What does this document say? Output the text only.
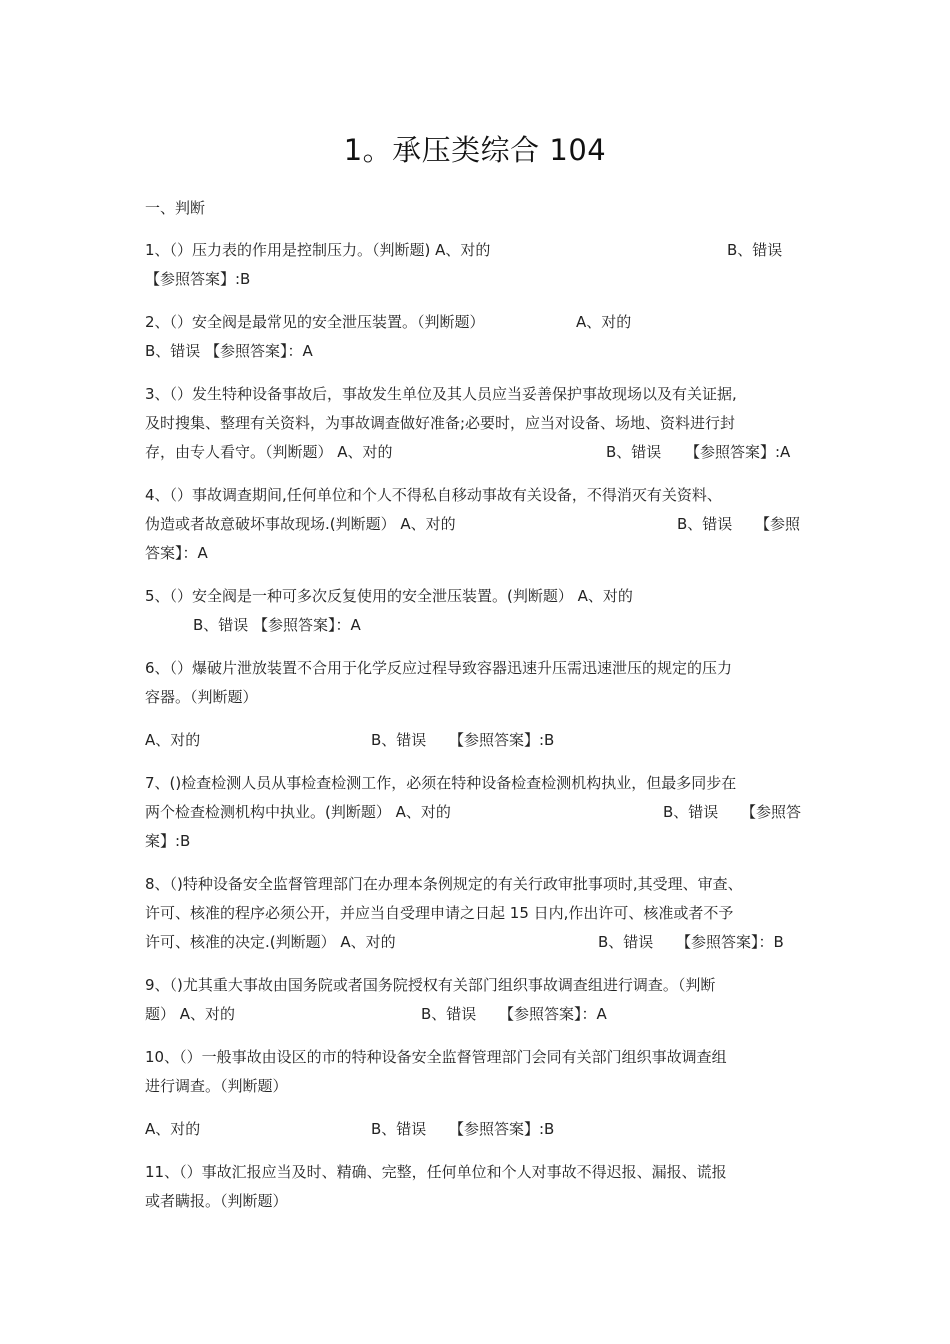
1。承压类综合 104
一、判断
1、（）压力表的作用是控制压力。（判断题) A、对的	B、错误
【参照答案】:B
2、（）安全阀是最常见的安全泄压装置。（判断题）	A、对的
B、错误 【参照答案】：A
3、（）发生特种设备事故后，事故发生单位及其人员应当妥善保护事故现场以及有关证据,
及时搜集、整理有关资料，为事故调查做好准备;必要时，应当对设备、场地、资料进行封
存，由专人看守。（判断题） A、对的	B、错误 【参照答案】:A
4、（）事故调查期间,任何单位和个人不得私自移动事故有关设备，不得消灭有关资料、
伪造或者故意破坏事故现场.(判断题） A、对的	B、错误 【参照
答案】：A
5、（）安全阀是一种可多次反复使用的安全泄压装置。(判断题） A、对的
B、错误 【参照答案】：A
6、（）爆破片泄放装置不合用于化学反应过程导致容器迅速升压需迅速泄压的规定的压力
容器。（判断题）
A、对的	B、错误 【参照答案】:B
7、()检查检测人员从事检查检测工作，必须在特种设备检查检测机构执业，但最多同步在
两个检查检测机构中执业。(判断题） A、对的	B、错误 【参照答
案】:B
8、（)特种设备安全监督管理部门在办理本条例规定的有关行政审批事项时,其受理、审查、
许可、核准的程序必须公开，并应当自受理申请之日起 15 日内,作出许可、核准或者不予
许可、核准的决定.(判断题） A、对的	B、错误 【参照答案】：B
9、（)尤其重大事故由国务院或者国务院授权有关部门组织事故调查组进行调查。（判断
题） A、对的	B、错误 【参照答案】：A
10、（）一般事故由设区的市的特种设备安全监督管理部门会同有关部门组织事故调查组
进行调查。（判断题）
A、对的	B、错误 【参照答案】:B
11、（）事故汇报应当及时、精确、完整，任何单位和个人对事故不得迟报、漏报、谎报
或者瞒报。（判断题）
